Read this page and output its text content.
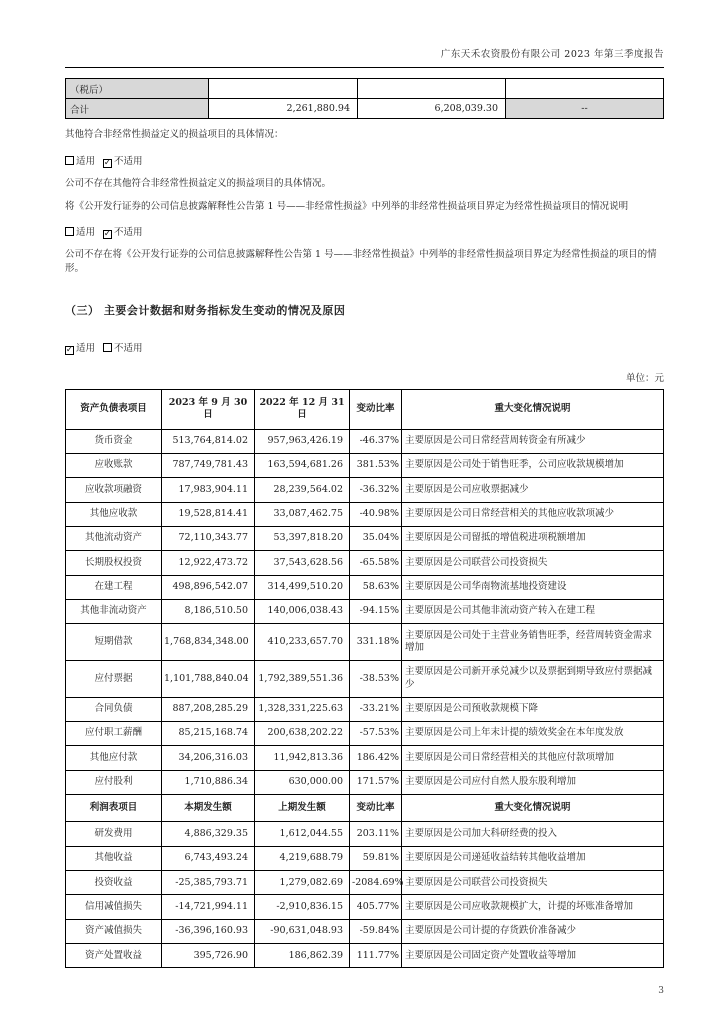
广东天禾农资股份有限公司 2023 年第三季度报告
（税后）			
合计	2,261,880.94	6,208,039.30	--

其他符合非经常性损益定义的损益项目的具体情况：

适用 ✓ 不适用

公司不存在其他符合非经常性损益定义的损益项目的具体情况。

将《公开发行证券的公司信息披露解释性公告第 1 号——非经常性损益》中列举的非经常性损益项目界定为经常性损益项目的情况说明

适用 ✓ 不适用

公司不存在将《公开发行证券的公司信息披露解释性公告第 1 号——非经常性损益》中列举的非经常性损益项目界定为经常性损益的项目的情形。

（三） 主要会计数据和财务指标发生变动的情况及原因

✓ 适用 不适用

单位：元
资产负债表项目	2023 年 9 月 30 日	2022 年 12 月 31 日	变动比率	重大变化情况说明
货币资金	513,764,814.02	957,963,426.19	-46.37%	主要原因是公司日常经营周转资金有所减少
应收账款	787,749,781.43	163,594,681.26	381.53%	主要原因是公司处于销售旺季，公司应收款规模增加
应收款项融资	17,983,904.11	28,239,564.02	-36.32%	主要原因是公司应收票据减少
其他应收款	19,528,814.41	33,087,462.75	-40.98%	主要原因是公司日常经营相关的其他应收款项减少
其他流动资产	72,110,343.77	53,397,818.20	35.04%	主要原因是公司留抵的增值税进项税额增加
长期股权投资	12,922,473.72	37,543,628.56	-65.58%	主要原因是公司联营公司投资损失
在建工程	498,896,542.07	314,499,510.20	58.63%	主要原因是公司华南物流基地投资建设
其他非流动资产	8,186,510.50	140,006,038.43	-94.15%	主要原因是公司其他非流动资产转入在建工程
短期借款	1,768,834,348.00	410,233,657.70	331.18%	主要原因是公司处于主营业务销售旺季，经营周转资金需求增加
应付票据	1,101,788,840.04	1,792,389,551.36	-38.53%	主要原因是公司新开承兑减少以及票据到期导致应付票据减少
合同负债	887,208,285.29	1,328,331,225.63	-33.21%	主要原因是公司预收款规模下降
应付职工薪酬	85,215,168.74	200,638,202.22	-57.53%	主要原因是公司上年末计提的绩效奖金在本年度发放
其他应付款	34,206,316.03	11,942,813.36	186.42%	主要原因是公司日常经营相关的其他应付款项增加
应付股利	1,710,886.34	630,000.00	171.57%	主要原因是公司应付自然人股东股利增加
利润表项目	本期发生额	上期发生额	变动比率	重大变化情况说明
研发费用	4,886,329.35	1,612,044.55	203.11%	主要原因是公司加大科研经费的投入
其他收益	6,743,493.24	4,219,688.79	59.81%	主要原因是公司递延收益结转其他收益增加
投资收益	-25,385,793.71	1,279,082.69	-2084.69%	主要原因是公司联营公司投资损失
信用减值损失	-14,721,994.11	-2,910,836.15	405.77%	主要原因是公司应收款规模扩大，计提的坏账准备增加
资产减值损失	-36,396,160.93	-90,631,048.93	-59.84%	主要原因是公司计提的存货跌价准备减少
资产处置收益	395,726.90	186,862.39	111.77%	主要原因是公司固定资产处置收益等增加
3
